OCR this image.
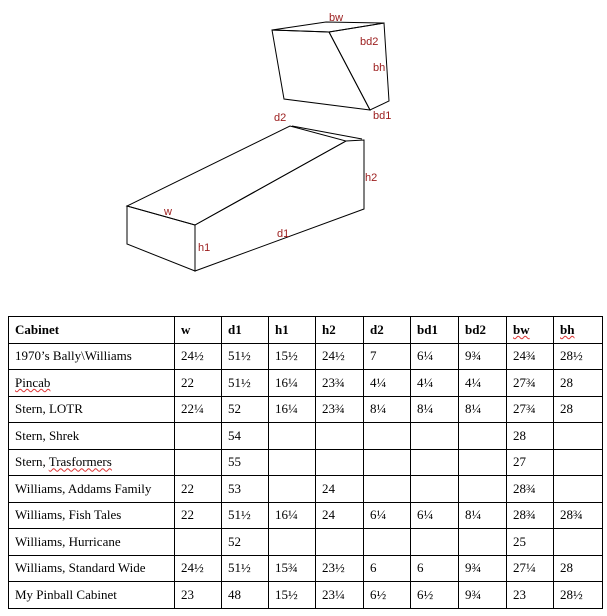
bw
bd2
bh
bd1
d2
h2
w
h1
d1
Cabinet	w	d1	h1	h2	d2	bd1	bd2	bw	bh
1970’s Bally\Williams	24½	51½	15½	24½	7	6¼	9¾	24¾	28½
Pincab	22	51½	16¼	23¾	4¼	4¼	4¼	27¾	28
Stern, LOTR	22¼	52	16¼	23¾	8¼	8¼	8¼	27¾	28
Stern, Shrek		54						28	
Stern, Trasformers		55						27	
Williams, Addams Family	22	53		24				28¾	
Williams, Fish Tales	22	51½	16¼	24	6¼	6¼	8¼	28¾	28¾
Williams, Hurricane		52						25	
Williams, Standard Wide	24½	51½	15¾	23½	6	6	9¾	27¼	28
My Pinball Cabinet	23	48	15½	23¼	6½	6½	9¾	23	28½
